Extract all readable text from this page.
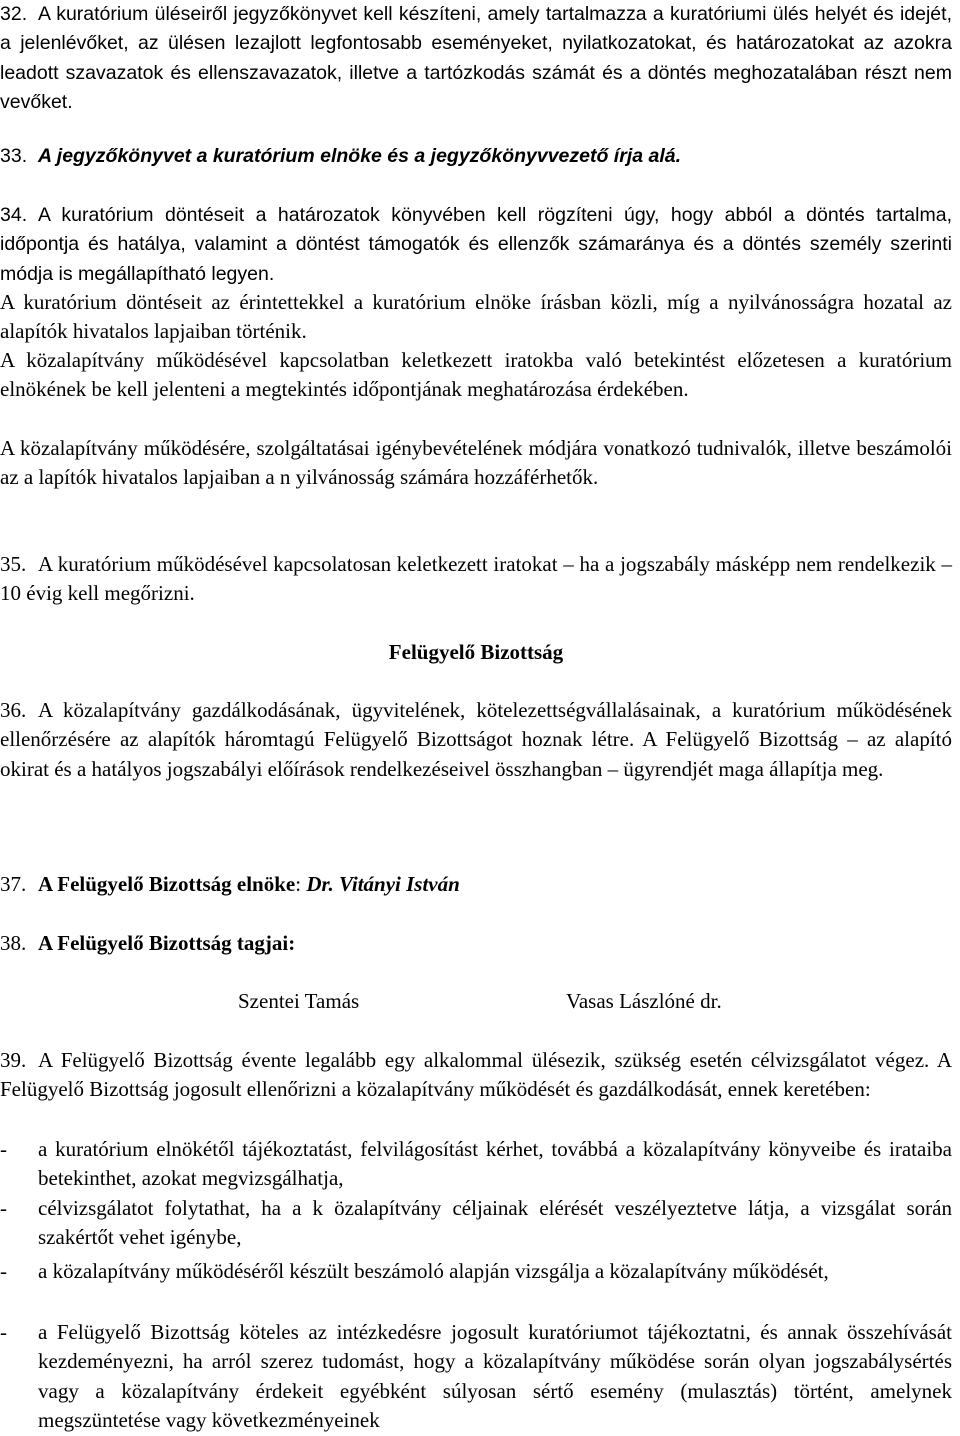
32. A kuratórium üléseiről jegyzőkönyvet kell készíteni, amely tartalmazza a kuratóriumi ülés helyét és idejét, a jelenlévőket, az ülésen lezajlott legfontosabb eseményeket, nyilatkozatokat, és határozatokat az azokra leadott szavazatok és ellenszavazatok, illetve a tartózkodás számát és a döntés meghozatalában részt nem vevőket.
33. A jegyzőkönyvet a kuratórium elnöke és a jegyzőkönyvvezető írja alá.

34. A kuratórium döntéseit a határozatok könyvében kell rögzíteni úgy, hogy abból a döntés tartalma, időpontja és hatálya, valamint a döntést támogatók és ellenzők számaránya és a döntés személy szerinti módja is megállapítható legyen.

A kuratórium döntéseit az érintettekkel a kuratórium elnöke írásban közli, míg a nyilvánosságra hozatal az alapítók hivatalos lapjaiban történik.

A közalapítvány működésével kapcsolatban keletkezett iratokba való betekintést előzetesen a kuratórium elnökének be kell jelenteni a megtekintés időpontjának meghatározása érdekében.

A közalapítvány működésére, szolgáltatásai igénybevételének módjára vonatkozó tudnivalók, illetve beszámolói az a lapítók hivatalos lapjaiban a n yilvánosság számára hozzáférhetők.

35. A kuratórium működésével kapcsolatosan keletkezett iratokat – ha a jogszabály másképp nem rendelkezik – 10 évig kell megőrizni.
Felügyelő Bizottság
36. A közalapítvány gazdálkodásának, ügyvitelének, kötelezettségvállalásainak, a kuratórium működésének ellenőrzésére az alapítók háromtagú Felügyelő Bizottságot hoznak létre. A Felügyelő Bizottság – az alapító okirat és a hatályos jogszabályi előírások rendelkezéseivel összhangban – ügyrendjét maga állapítja meg.
37. A Felügyelő Bizottság elnöke: Dr. Vitányi István
38. A Felügyelő Bizottság tagjai:
Szentei Tamás	Vasas Lászlóné dr.
39. A Felügyelő Bizottság évente legalább egy alkalommal ülésezik, szükség esetén célvizsgálatot végez. A Felügyelő Bizottság jogosult ellenőrizni a közalapítvány működését és gazdálkodását, ennek keretében:
-	a kuratórium elnökétől tájékoztatást, felvilágosítást kérhet, továbbá a közalapítvány könyveibe és irataiba betekinthet, azokat megvizsgálhatja,
-	célvizsgálatot folytathat, ha a k özalapítvány céljainak elérését veszélyeztetve látja, a vizsgálat során szakértőt vehet igénybe,
-	a közalapítvány működéséről készült beszámoló alapján vizsgálja a közalapítvány működését,
-	a Felügyelő Bizottság köteles az intézkedésre jogosult kuratóriumot tájékoztatni, és annak összehívását kezdeményezni, ha arról szerez tudomást, hogy a közalapítvány működése során olyan jogszabálysértés vagy a közalapítvány érdekeit egyébként súlyosan sértő esemény (mulasztás) történt, amelynek megszüntetése vagy következményeinek
